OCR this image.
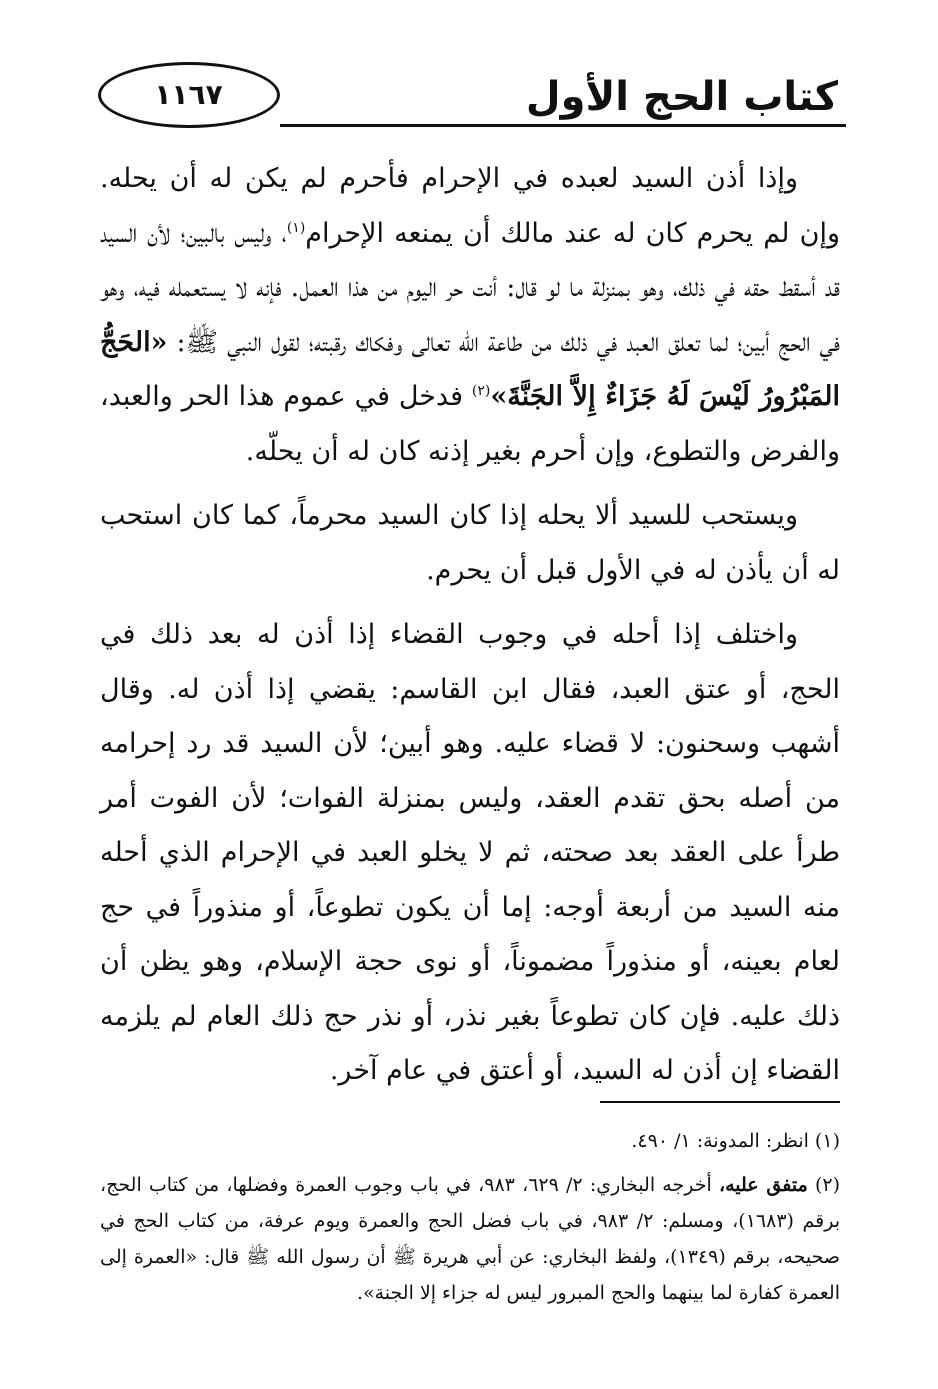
١١٦٧	كتاب الحج الأول

وإذا أذن السيد لعبده في الإحرام فأحرم لم يكن له أن يحله. وإن لم يحرم كان له عند مالك أن يمنعه الإحرام$^{(١)}$، وليس بالبين؛ لأن السيد قد أسقط حقه في ذلك، وهو بمنزلة ما لو قال: أنت حر اليوم من هذا العمل. فإنه لا يستعمله فيه، وهو في الحج أبين؛ لما تعلق العبد في ذلك من طاعة الله تعالى وفكاك رقبته؛ لقول النبي ﷺ: «الحَجُّ المَبْرُورُ لَيْسَ لَهُ جَزَاءٌ إِلاَّ الجَنَّةَ»$^{(٢)}$ فدخل في عموم هذا الحر والعبد، والفرض والتطوع، وإن أحرم بغير إذنه كان له أن يحلّه.

ويستحب للسيد ألا يحله إذا كان السيد محرماً، كما كان استحب له أن يأذن له في الأول قبل أن يحرم.

واختلف إذا أحله في وجوب القضاء إذا أذن له بعد ذلك في الحج، أو عتق العبد، فقال ابن القاسم: يقضي إذا أذن له. وقال أشهب وسحنون: لا قضاء عليه. وهو أبين؛ لأن السيد قد رد إحرامه من أصله بحق تقدم العقد، وليس بمنزلة الفوات؛ لأن الفوت أمر طرأ على العقد بعد صحته، ثم لا يخلو العبد في الإحرام الذي أحله منه السيد من أربعة أوجه: إما أن يكون تطوعاً، أو منذوراً في حج لعام بعينه، أو منذوراً مضموناً، أو نوى حجة الإسلام، وهو يظن أن ذلك عليه. فإن كان تطوعاً بغير نذر، أو نذر حج ذلك العام لم يلزمه القضاء إن أذن له السيد، أو أعتق في عام آخر.

(١) انظر: المدونة: ١/ ٤٩٠.

(٢) متفق عليه، أخرجه البخاري: ٢/ ٦٢٩، ٩٨٣، في باب وجوب العمرة وفضلها، من كتاب الحج، برقم (١٦٨٣)، ومسلم: ٢/ ٩٨٣، في باب فضل الحج والعمرة ويوم عرفة، من كتاب الحج في صحيحه، برقم (١٣٤٩)، ولفظ البخاري: عن أبي هريرة ﷺ أن رسول الله ﷺ قال: «العمرة إلى العمرة كفارة لما بينهما والحج المبرور ليس له جزاء إلا الجنة».
